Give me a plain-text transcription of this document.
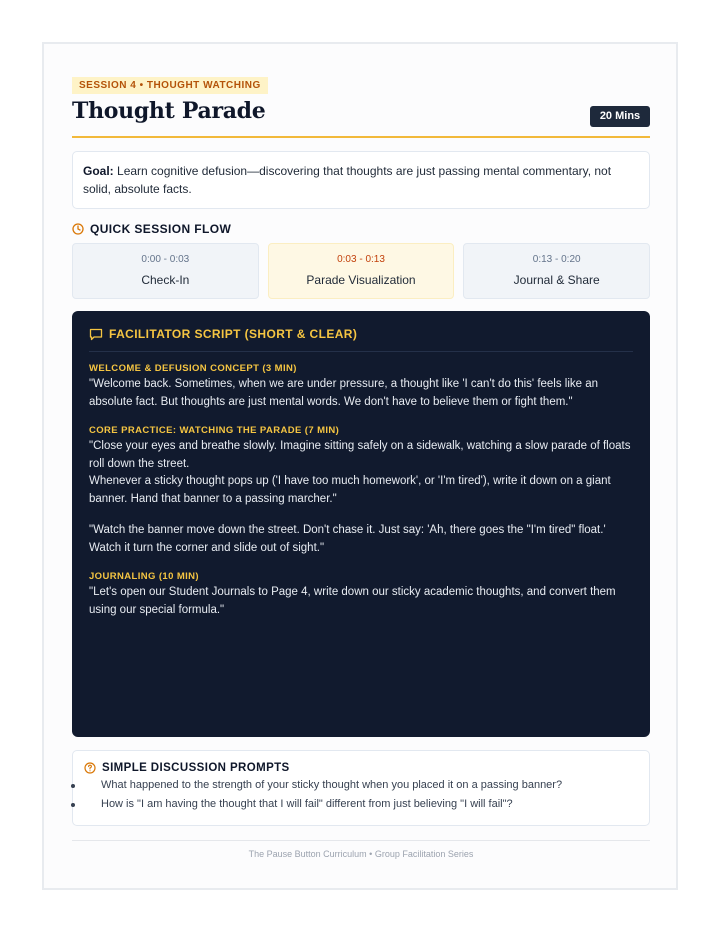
SESSION 4 • THOUGHT WATCHING
Thought Parade	20 Mins
Goal: Learn cognitive defusion—discovering that thoughts are just passing mental commentary, not solid, absolute facts.
QUICK SESSION FLOW
0:00 - 0:03
Check-In
0:03 - 0:13
Parade Visualization
0:13 - 0:20
Journal & Share
FACILITATOR SCRIPT (SHORT & CLEAR)
WELCOME & DEFUSION CONCEPT (3 MIN)

"Welcome back. Sometimes, when we are under pressure, a thought like 'I can't do this' feels like an absolute fact. But thoughts are just mental words. We don't have to believe them or fight them."

CORE PRACTICE: WATCHING THE PARADE (7 MIN)

"Close your eyes and breathe slowly. Imagine sitting safely on a sidewalk, watching a slow parade of floats roll down the street.

Whenever a sticky thought pops up ('I have too much homework', or 'I'm tired'), write it down on a giant banner. Hand that banner to a passing marcher."

"Watch the banner move down the street. Don't chase it. Just say: 'Ah, there goes the "I'm tired" float.' Watch it turn the corner and slide out of sight."

JOURNALING (10 MIN)

"Let's open our Student Journals to Page 4, write down our sticky academic thoughts, and convert them using our special formula."

SIMPLE DISCUSSION PROMPTS
What happened to the strength of your sticky thought when you placed it on a passing banner?
How is "I am having the thought that I will fail" different from just believing "I will fail"?
The Pause Button Curriculum • Group Facilitation Series
